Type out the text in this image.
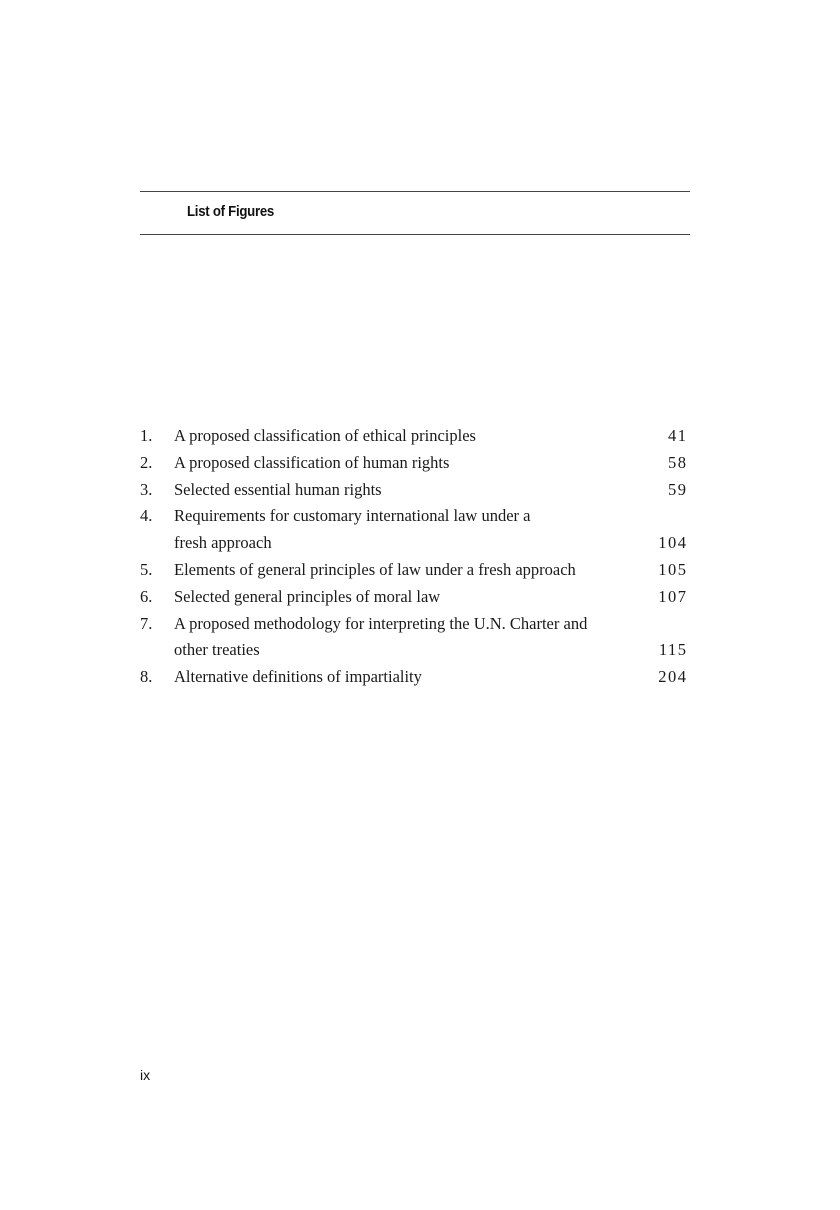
List of Figures
1.	A proposed classification of ethical principles	41
2.	A proposed classification of human rights	58
3.	Selected essential human rights	59
4.	Requirements for customary international law under a
fresh approach	104
5.	Elements of general principles of law under a fresh approach	105
6.	Selected general principles of moral law	107
7.	A proposed methodology for interpreting the U.N. Charter and
other treaties	115
8.	Alternative definitions of impartiality	204
ix
